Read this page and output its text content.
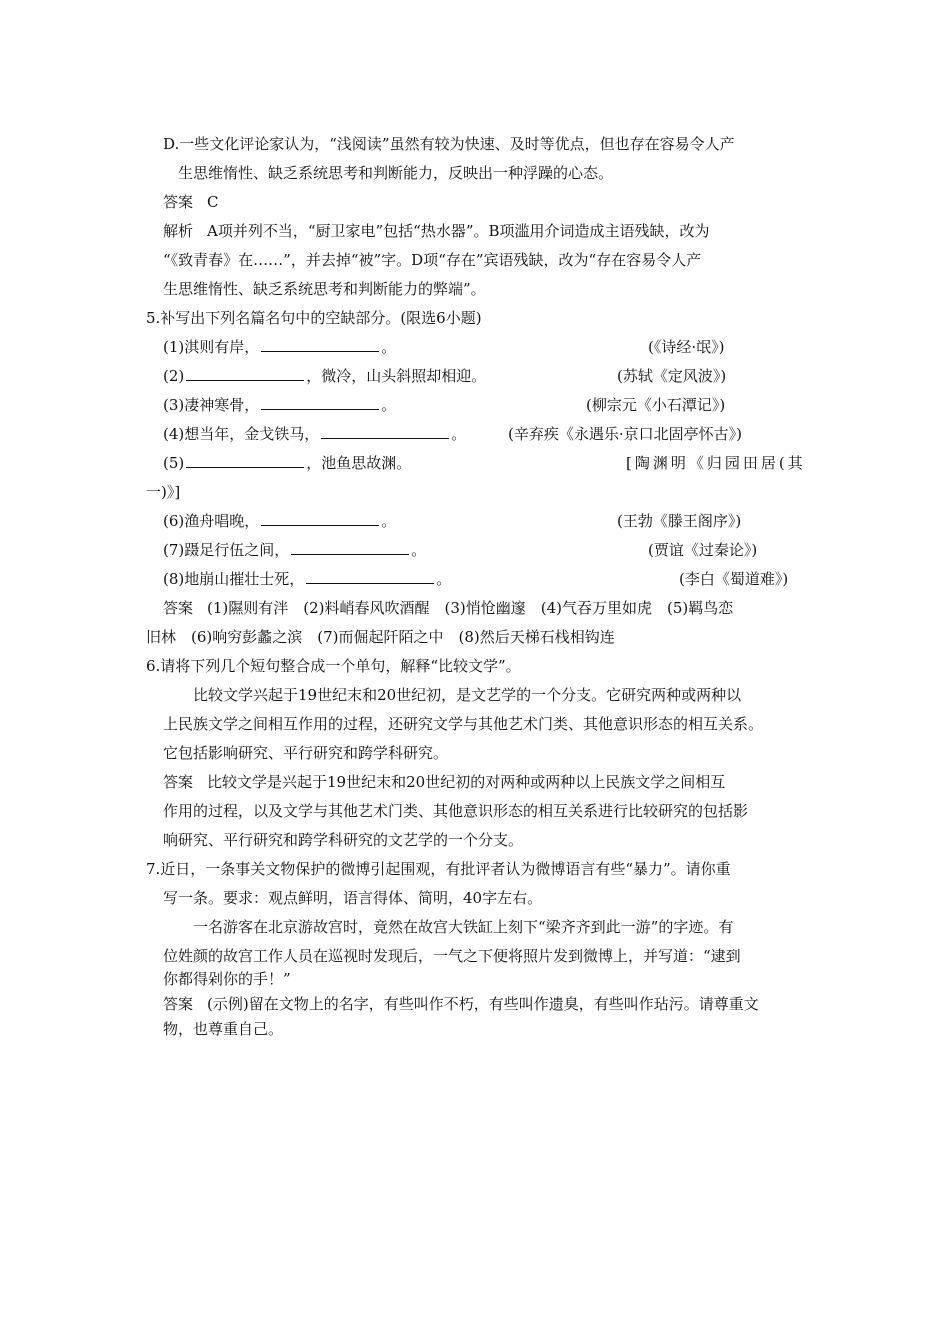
D.一些文化评论家认为，“浅阅读”虽然有较为快速、及时等优点，但也存在容易令人产
生思维惰性、缺乏系统思考和判断能力，反映出一种浮躁的心态。
答案 C
解析 A项并列不当，“厨卫家电”包括“热水器”。B项滥用介词造成主语残缺，改为
“《致青春》在……”，并去掉“被”字。D项“存在”宾语残缺，改为“存在容易令人产
生思维惰性、缺乏系统思考和判断能力的弊端”。
5.补写出下列名篇名句中的空缺部分。(限选6小题)
(1)淇则有岸，	。	(《诗经·氓》)
(2)	，微冷，山头斜照却相迎。	(苏轼《定风波》)
(3)凄神寒骨，	。	(柳宗元《小石潭记》)
(4)想当年，金戈铁马，	。	(辛弃疾《永遇乐·京口北固亭怀古》)
(5)	，池鱼思故渊。	[陶渊明《归园田居(其
一)》]
(6)渔舟唱晚，	。	(王勃《滕王阁序》)
(7)蹑足行伍之间，	。	(贾谊《过秦论》)
(8)地崩山摧壮士死，	。	(李白《蜀道难》)
答案 (1)隰则有泮　(2)料峭春风吹酒醒　(3)悄怆幽邃　(4)气吞万里如虎　(5)羁鸟恋
旧林　(6)响穷彭蠡之滨　(7)而倔起阡陌之中　(8)然后天梯石栈相钩连
6.请将下列几个短句整合成一个单句，解释“比较文学”。
比较文学兴起于19世纪末和20世纪初，是文艺学的一个分支。它研究两种或两种以
上民族文学之间相互作用的过程，还研究文学与其他艺术门类、其他意识形态的相互关系。
它包括影响研究、平行研究和跨学科研究。
答案 比较文学是兴起于19世纪末和20世纪初的对两种或两种以上民族文学之间相互
作用的过程，以及文学与其他艺术门类、其他意识形态的相互关系进行比较研究的包括影
响研究、平行研究和跨学科研究的文艺学的一个分支。
7.近日，一条事关文物保护的微博引起围观，有批评者认为微博语言有些“暴力”。请你重
写一条。要求：观点鲜明，语言得体、简明，40字左右。
一名游客在北京游故宫时，竟然在故宫大铁缸上刻下“梁齐齐到此一游”的字迹。有
位姓颜的故宫工作人员在巡视时发现后，一气之下便将照片发到微博上，并写道：“逮到
你都得剁你的手！”
答案 (示例)留在文物上的名字，有些叫作不朽，有些叫作遗臭，有些叫作玷污。请尊重文
物，也尊重自己。
